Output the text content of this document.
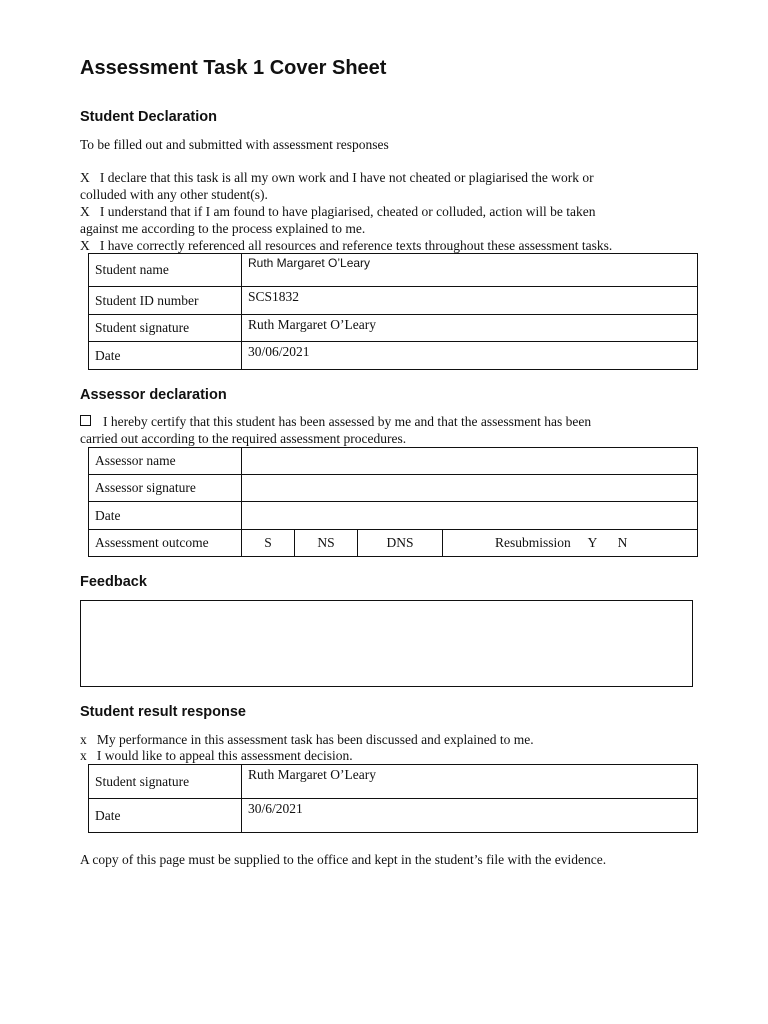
Assessment Task 1 Cover Sheet
Student Declaration
To be filled out and submitted with assessment responses
X I declare that this task is all my own work and I have not cheated or plagiarised the work or
colluded with any other student(s).
X I understand that if I am found to have plagiarised, cheated or colluded, action will be taken
against me according to the process explained to me.
X I have correctly referenced all resources and reference texts throughout these assessment tasks.
Student name	Ruth Margaret O’Leary
Student ID number	SCS1832
Student signature	Ruth Margaret O’Leary
Date	30/06/2021
Assessor declaration
I hereby certify that this student has been assessed by me and that the assessment has been
carried out according to the required assessment procedures.
Assessor name				
Assessor signature				
Date				
Assessment outcome	S	NS	DNS	Resubmission Y N
Feedback
Student result response
x My performance in this assessment task has been discussed and explained to me.
x I would like to appeal this assessment decision.
Student signature	Ruth Margaret O’Leary
Date	30/6/2021
A copy of this page must be supplied to the office and kept in the student’s file with the evidence.
